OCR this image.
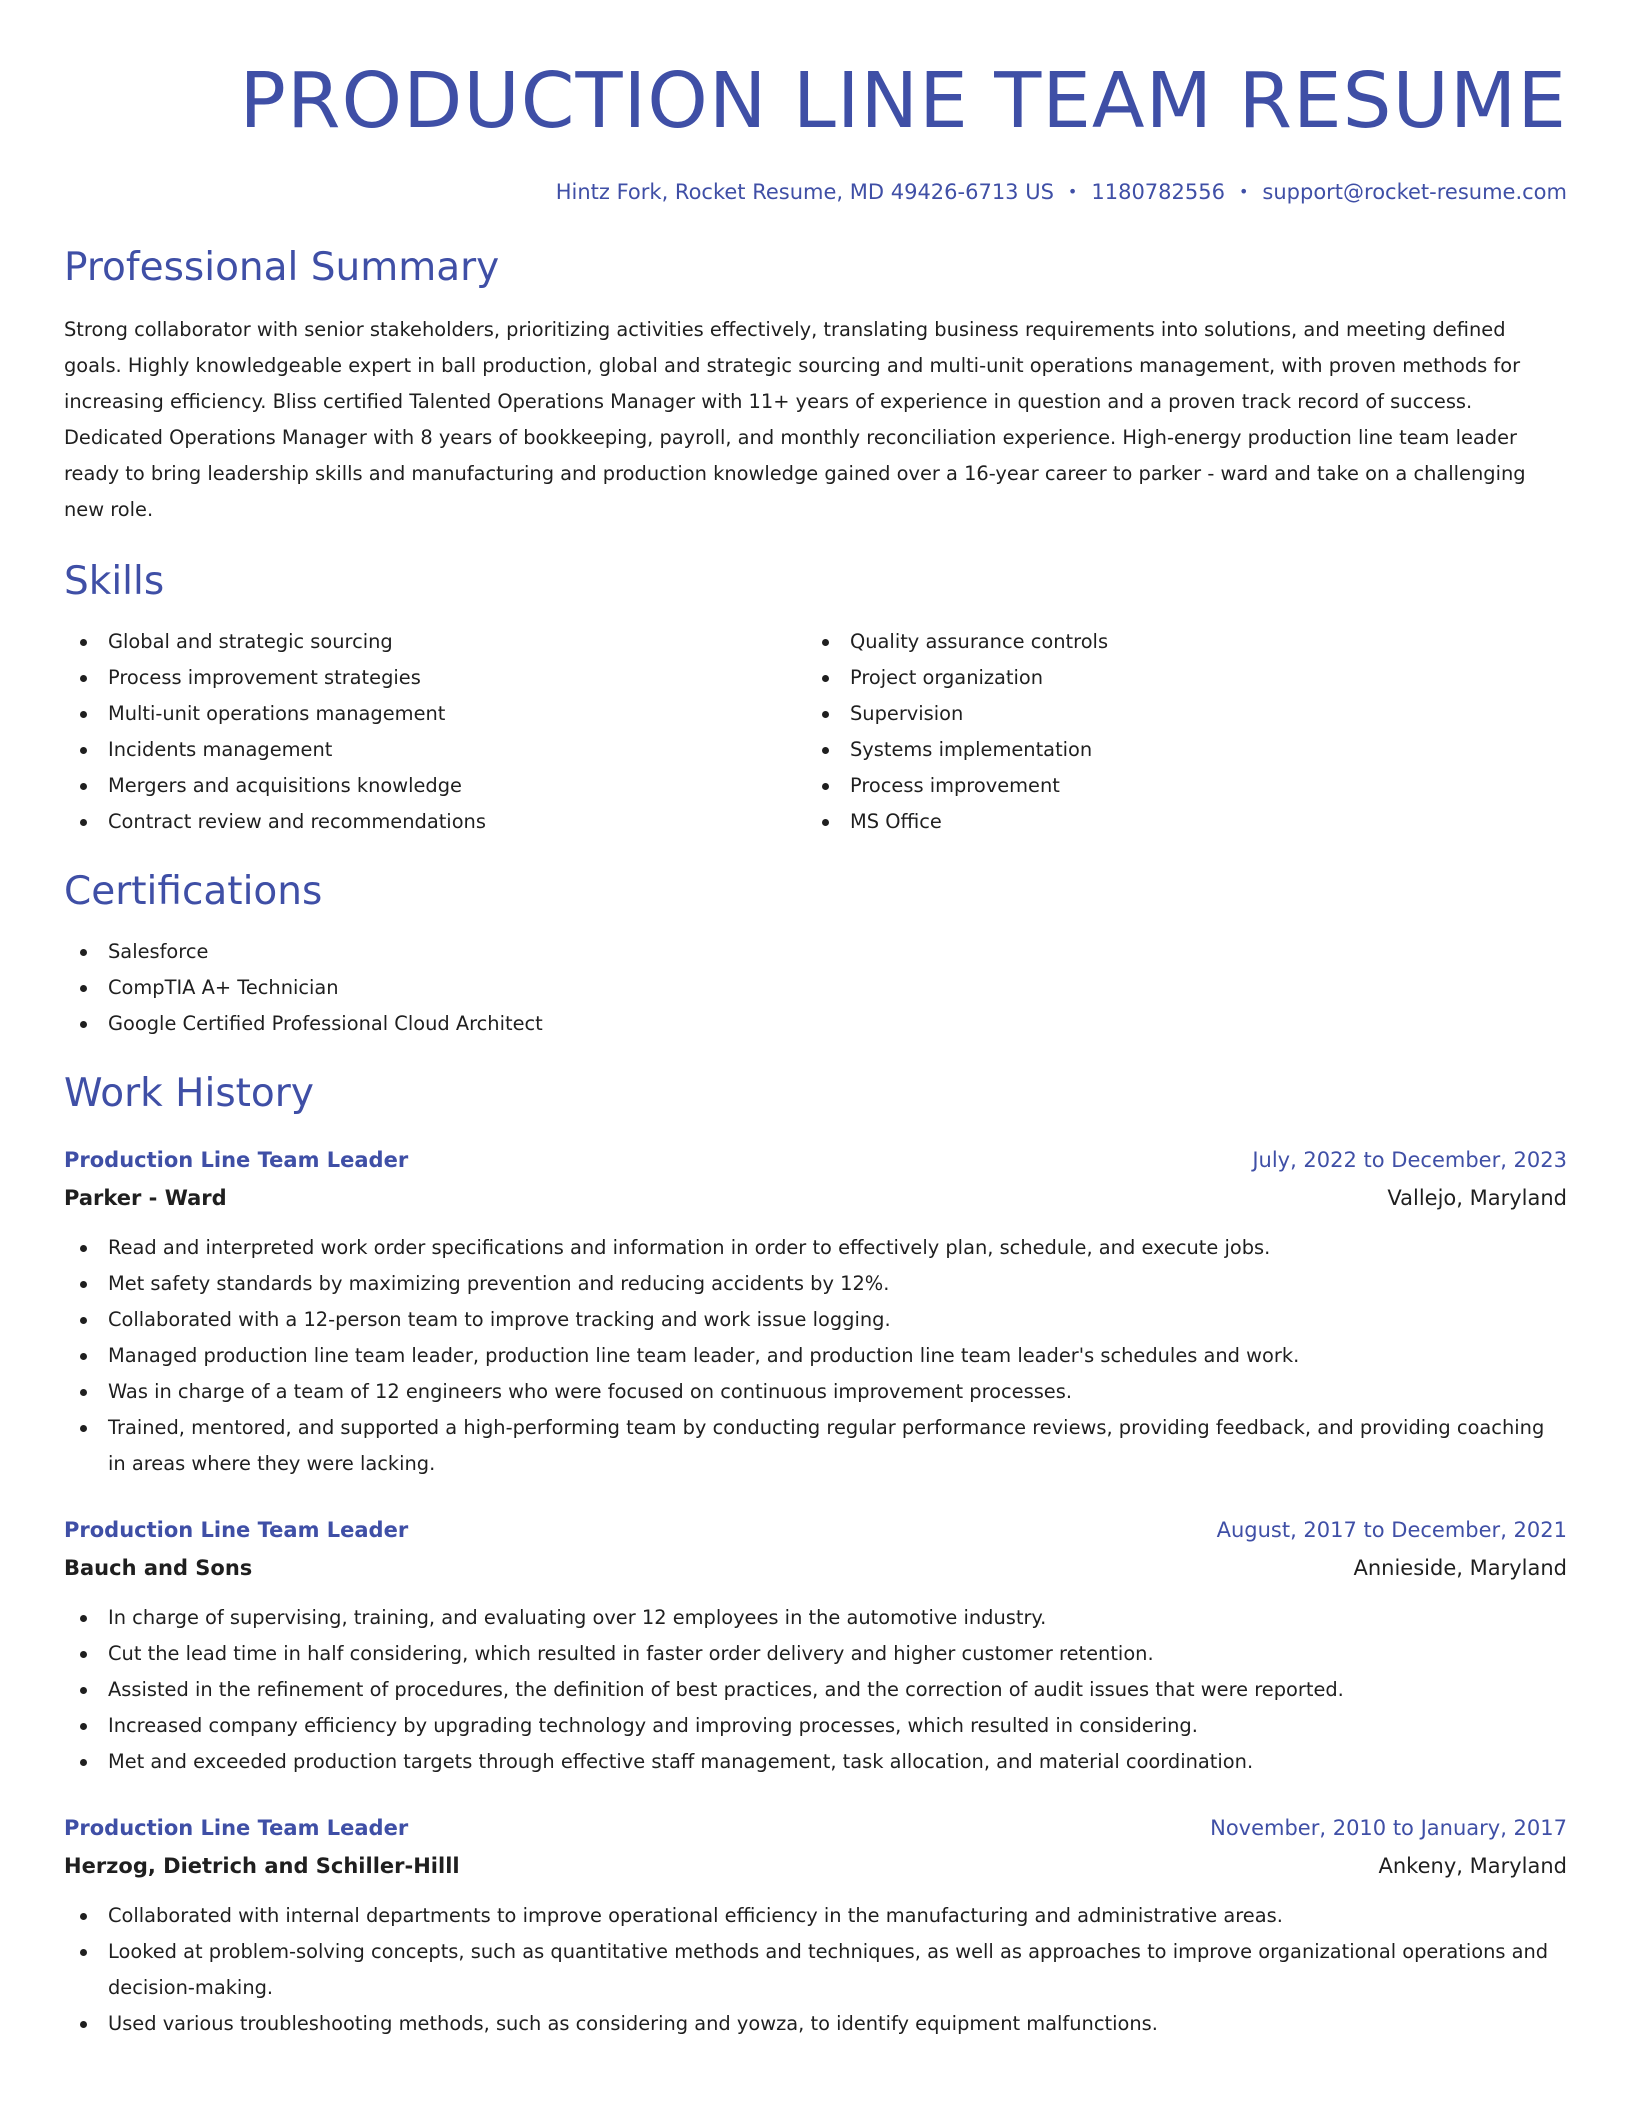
PRODUCTION LINE TEAM RESUME
Hintz Fork, Rocket Resume, MD 49426-6713 US • 1180782556 • support@rocket-resume.com
Professional Summary

Strong collaborator with senior stakeholders, prioritizing activities effectively, translating business requirements into solutions, and meeting defined goals. Highly knowledgeable expert in ball production, global and strategic sourcing and multi-unit operations management, with proven methods for increasing efficiency. Bliss certified Talented Operations Manager with 11+ years of experience in question and a proven track record of success. Dedicated Operations Manager with 8 years of bookkeeping, payroll, and monthly reconciliation experience. High-energy production line team leader ready to bring leadership skills and manufacturing and production knowledge gained over a 16-year career to parker - ward and take on a challenging new role.

Skills
Global and strategic sourcing
Process improvement strategies
Multi-unit operations management
Incidents management
Mergers and acquisitions knowledge
Contract review and recommendations
Quality assurance controls
Project organization
Supervision
Systems implementation
Process improvement
MS Office
Certifications
Salesforce
CompTIA A+ Technician
Google Certified Professional Cloud Architect
Work History
Production Line Team Leader	July, 2022 to December, 2023
Parker - Ward	Vallejo, Maryland
Read and interpreted work order specifications and information in order to effectively plan, schedule, and execute jobs.
Met safety standards by maximizing prevention and reducing accidents by 12%.
Collaborated with a 12-person team to improve tracking and work issue logging.
Managed production line team leader, production line team leader, and production line team leader's schedules and work.
Was in charge of a team of 12 engineers who were focused on continuous improvement processes.
Trained, mentored, and supported a high-performing team by conducting regular performance reviews, providing feedback, and providing coaching in areas where they were lacking.
Production Line Team Leader	August, 2017 to December, 2021
Bauch and Sons	Annieside, Maryland
In charge of supervising, training, and evaluating over 12 employees in the automotive industry.
Cut the lead time in half considering, which resulted in faster order delivery and higher customer retention.
Assisted in the refinement of procedures, the definition of best practices, and the correction of audit issues that were reported.
Increased company efficiency by upgrading technology and improving processes, which resulted in considering.
Met and exceeded production targets through effective staff management, task allocation, and material coordination.
Production Line Team Leader	November, 2010 to January, 2017
Herzog, Dietrich and Schiller-Hilll	Ankeny, Maryland
Collaborated with internal departments to improve operational efficiency in the manufacturing and administrative areas.
Looked at problem-solving concepts, such as quantitative methods and techniques, as well as approaches to improve organizational operations and decision-making.
Used various troubleshooting methods, such as considering and yowza, to identify equipment malfunctions.
